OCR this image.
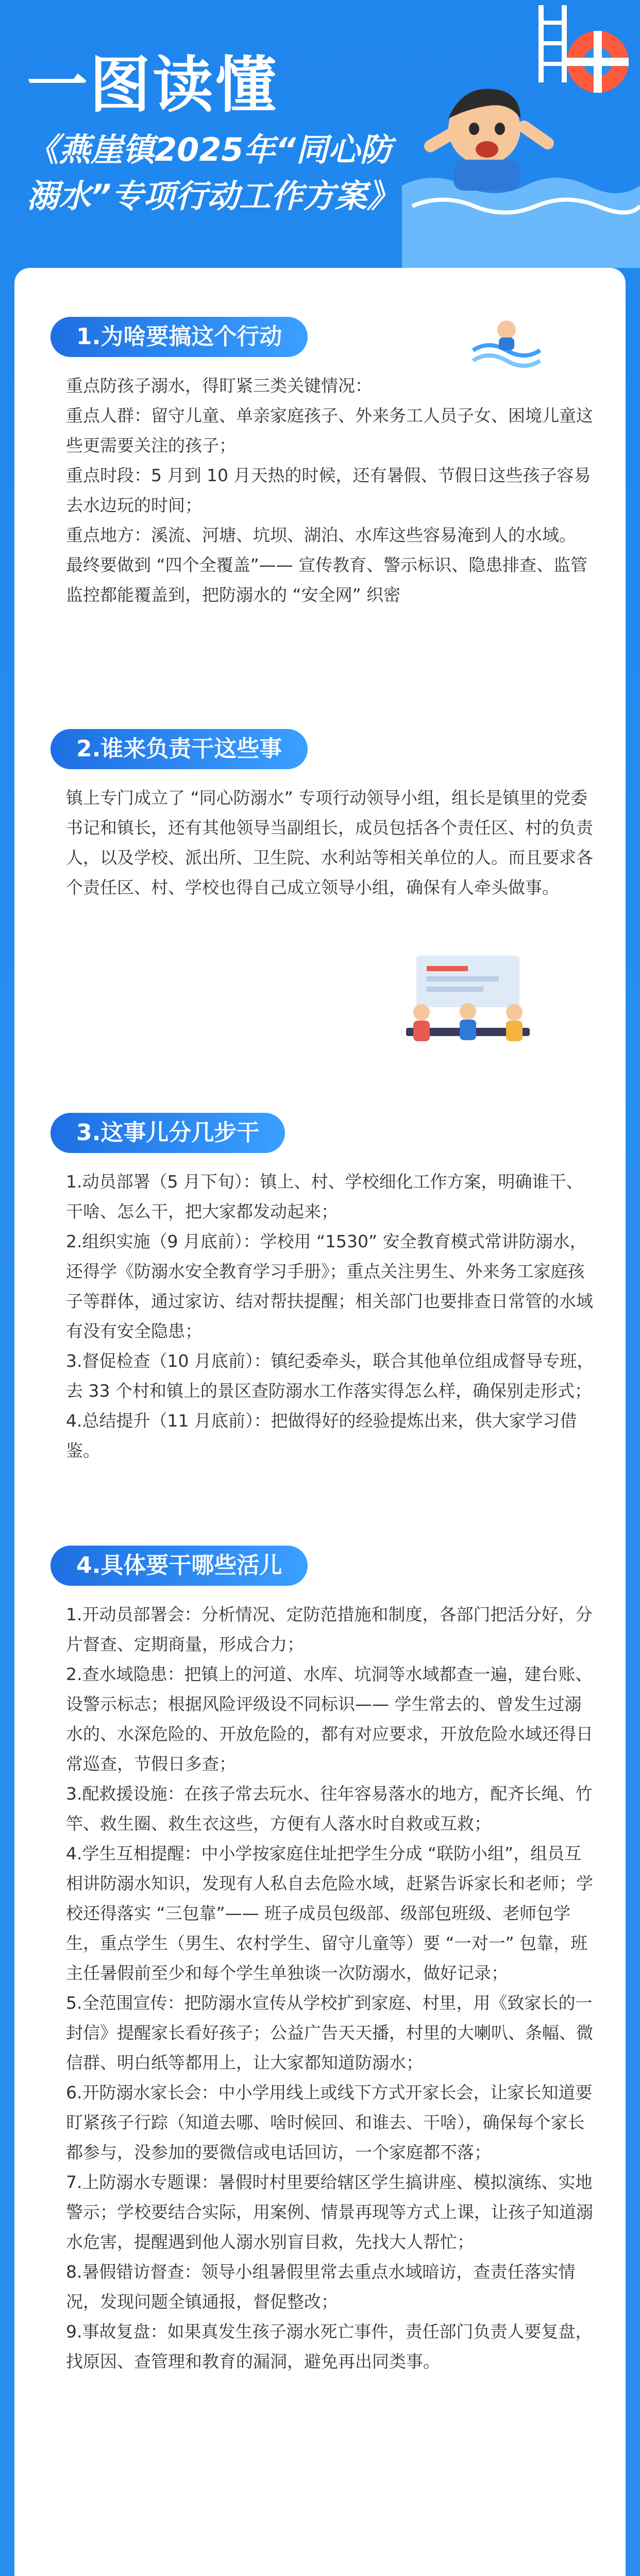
一图读懂
《燕崖镇2025年“同心防
溺水”专项行动工作方案》
1.为啥要搞这个行动

重点防孩子溺水，得盯紧三类关键情况：

重点人群：留守儿童、单亲家庭孩子、外来务工人员子女、困境儿童这些更需要关注的孩子；

重点时段：5 月到 10 月天热的时候，还有暑假、节假日这些孩子容易去水边玩的时间；

重点地方：溪流、河塘、坑坝、湖泊、水库这些容易淹到人的水域。

最终要做到 “四个全覆盖”—— 宣传教育、警示标识、隐患排查、监管监控都能覆盖到，把防溺水的 “安全网” 织密

2.谁来负责干这些事

镇上专门成立了 “同心防溺水” 专项行动领导小组，组长是镇里的党委书记和镇长，还有其他领导当副组长，成员包括各个责任区、村的负责人，以及学校、派出所、卫生院、水利站等相关单位的人。而且要求各个责任区、村、学校也得自己成立领导小组，确保有人牵头做事。

3.这事儿分几步干

1.动员部署（5 月下旬）：镇上、村、学校细化工作方案，明确谁干、干啥、怎么干，把大家都发动起来；

2.组织实施（9 月底前）：学校用 “1530” 安全教育模式常讲防溺水，还得学《防溺水安全教育学习手册》；重点关注男生、外来务工家庭孩子等群体，通过家访、结对帮扶提醒；相关部门也要排查日常管的水域有没有安全隐患；

3.督促检查（10 月底前）：镇纪委牵头，联合其他单位组成督导专班，去 33 个村和镇上的景区查防溺水工作落实得怎么样，确保别走形式；

4.总结提升（11 月底前）：把做得好的经验提炼出来，供大家学习借鉴。

4.具体要干哪些活儿

1.开动员部署会：分析情况、定防范措施和制度，各部门把活分好，分片督查、定期商量，形成合力；

2.查水域隐患：把镇上的河道、水库、坑洞等水域都查一遍，建台账、设警示标志；根据风险评级设不同标识—— 学生常去的、曾发生过溺水的、水深危险的、开放危险的，都有对应要求，开放危险水域还得日常巡查，节假日多查；

3.配救援设施：在孩子常去玩水、往年容易落水的地方，配齐长绳、竹竿、救生圈、救生衣这些，方便有人落水时自救或互救；

4.学生互相提醒：中小学按家庭住址把学生分成 “联防小组”，组员互相讲防溺水知识，发现有人私自去危险水域，赶紧告诉家长和老师；学校还得落实 “三包靠”—— 班子成员包级部、级部包班级、老师包学生，重点学生（男生、农村学生、留守儿童等）要 “一对一” 包靠，班主任暑假前至少和每个学生单独谈一次防溺水，做好记录；

5.全范围宣传：把防溺水宣传从学校扩到家庭、村里，用《致家长的一封信》提醒家长看好孩子；公益广告天天播，村里的大喇叭、条幅、微信群、明白纸等都用上，让大家都知道防溺水；

6.开防溺水家长会：中小学用线上或线下方式开家长会，让家长知道要盯紧孩子行踪（知道去哪、啥时候回、和谁去、干啥），确保每个家长都参与，没参加的要微信或电话回访，一个家庭都不落；

7.上防溺水专题课：暑假时村里要给辖区学生搞讲座、模拟演练、实地警示；学校要结合实际，用案例、情景再现等方式上课，让孩子知道溺水危害，提醒遇到他人溺水别盲目救，先找大人帮忙；

8.暑假错访督查：领导小组暑假里常去重点水域暗访，查责任落实情况，发现问题全镇通报，督促整改；

9.事故复盘：如果真发生孩子溺水死亡事件，责任部门负责人要复盘，找原因、查管理和教育的漏洞，避免再出同类事。
